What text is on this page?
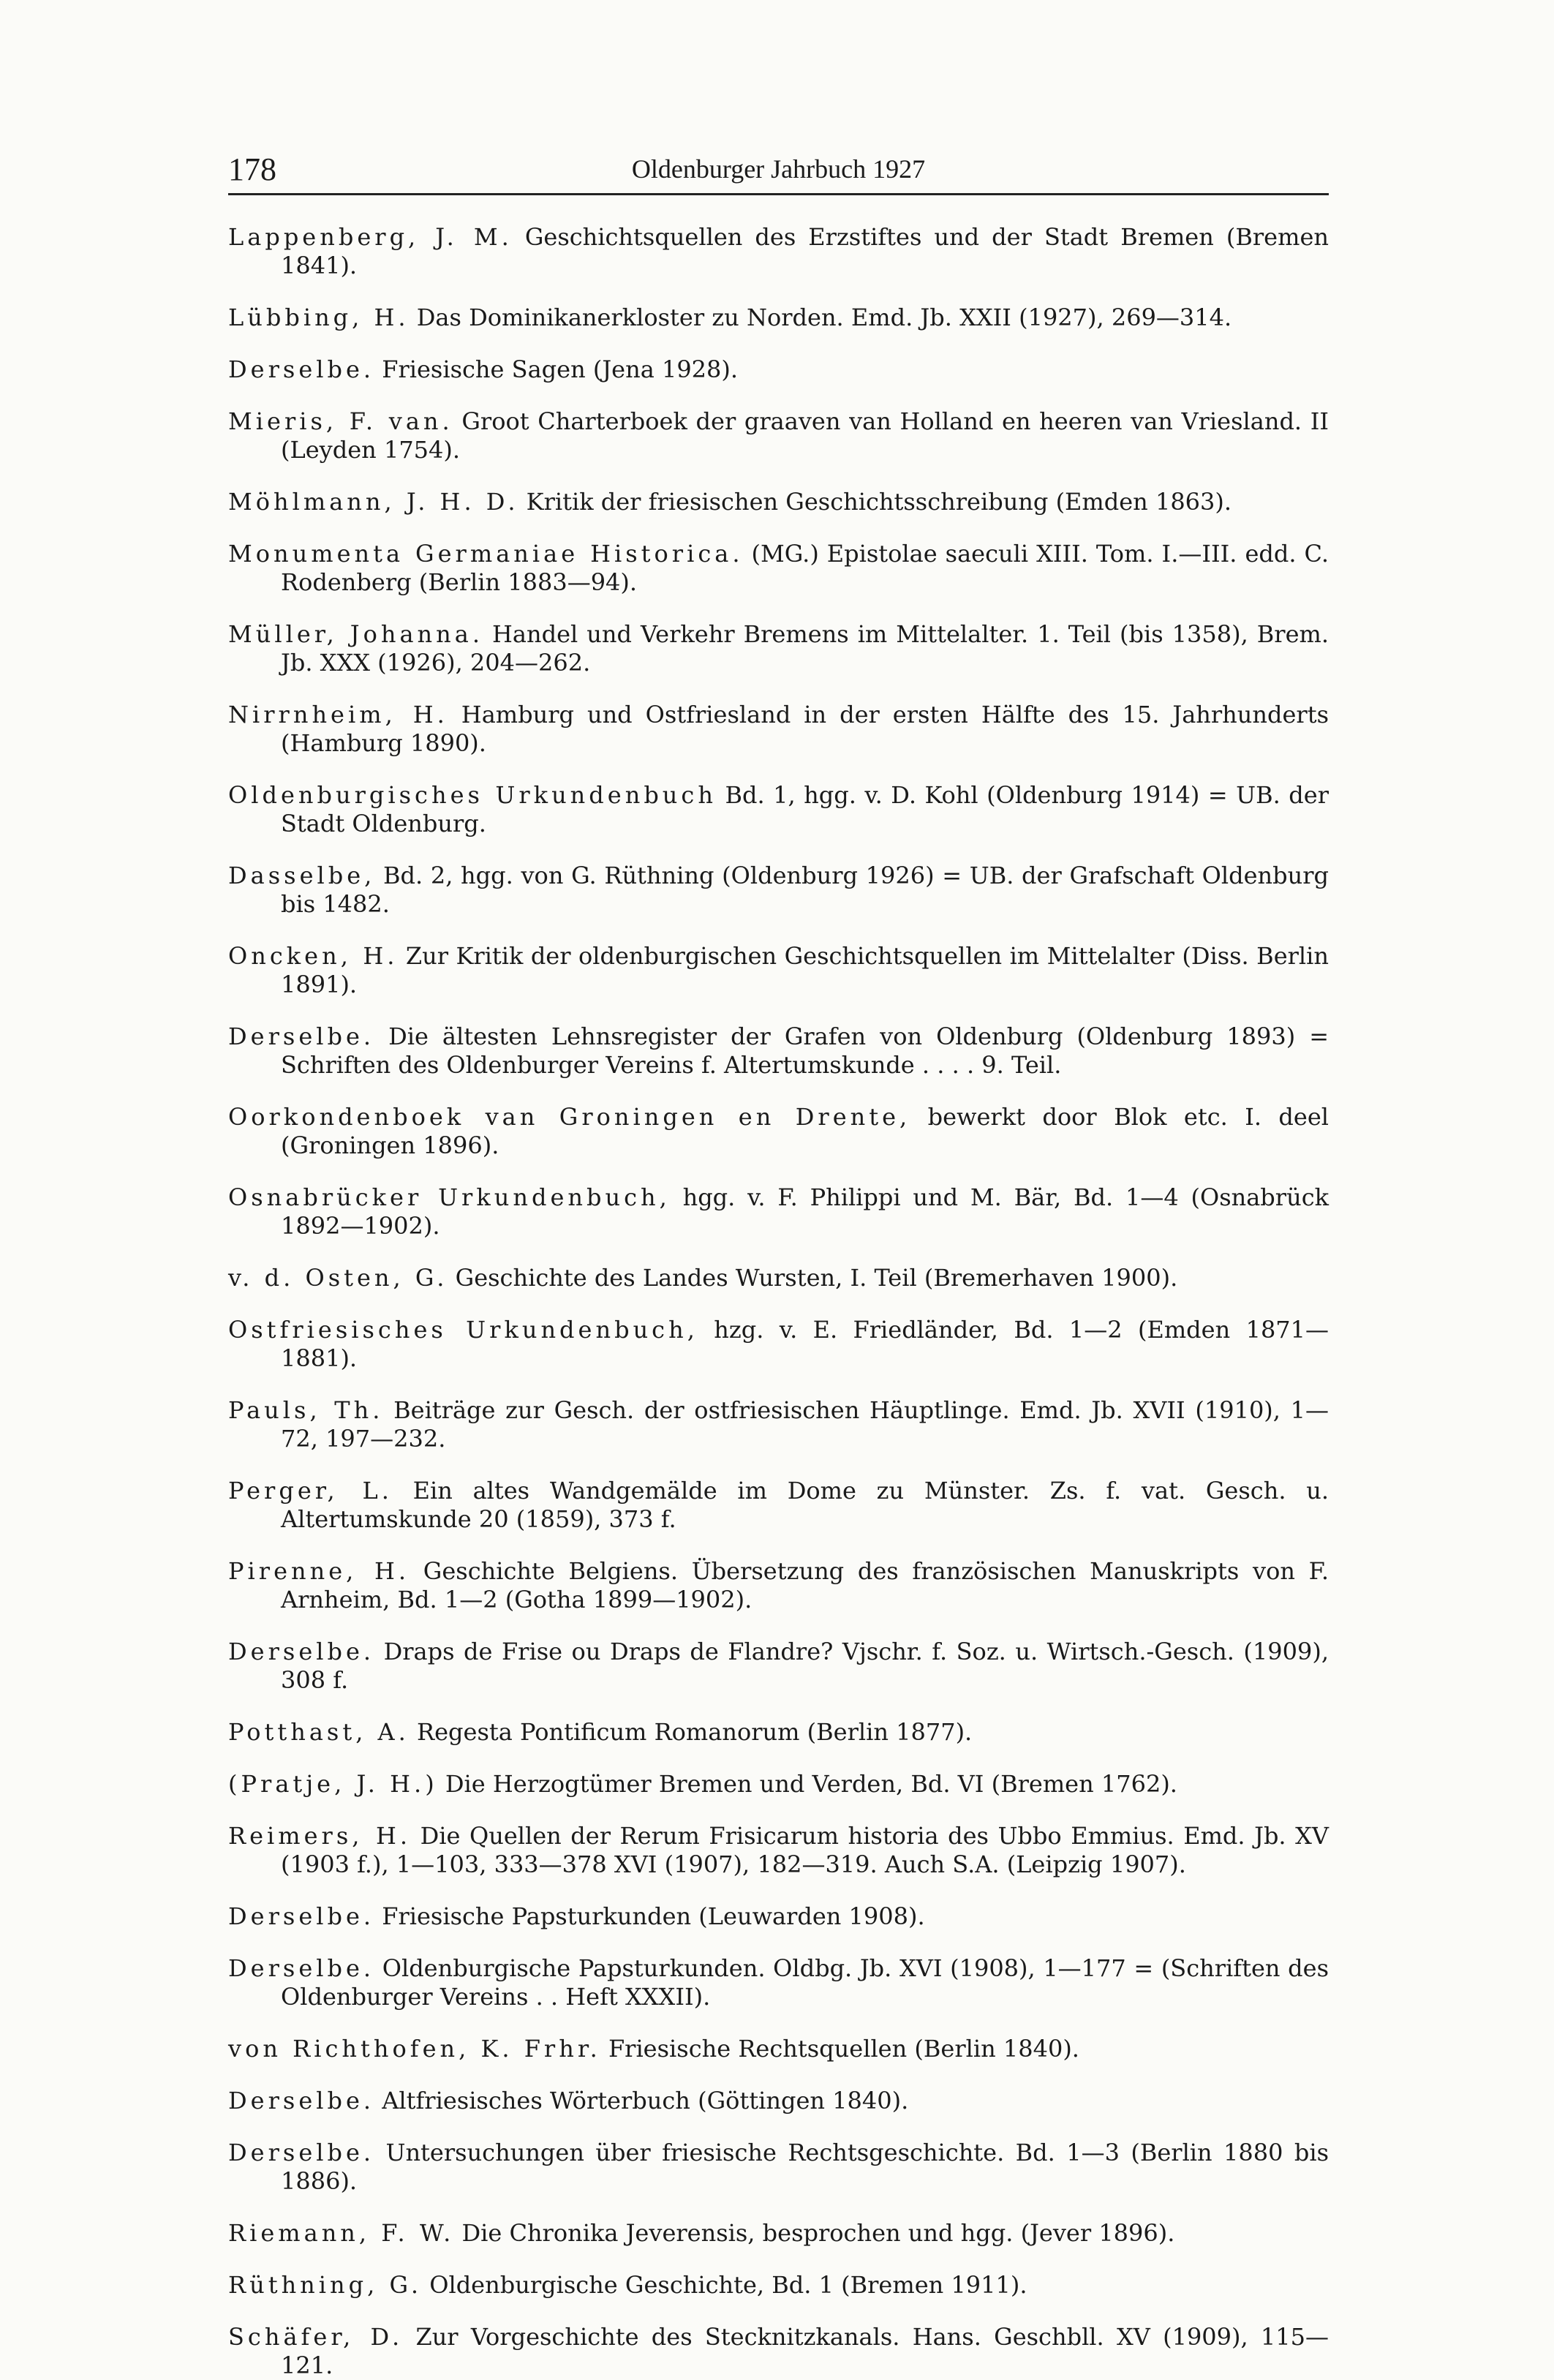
178	Oldenburger Jahrbuch 1927

Lappenberg, J. M. Geschichtsquellen des Erzstiftes und der Stadt Bremen (Bremen 1841).

Lübbing, H. Das Dominikanerkloster zu Norden. Emd. Jb. XXII (1927), 269—314.

Derselbe. Friesische Sagen (Jena 1928).

Mieris, F. van. Groot Charterboek der graaven van Holland en heeren van Vriesland. II (Leyden 1754).

Möhlmann, J. H. D. Kritik der friesischen Geschichtsschreibung (Emden 1863).

Monumenta Germaniae Historica. (MG.) Epistolae saeculi XIII. Tom. I.—III. edd. C. Rodenberg (Berlin 1883—94).

Müller, Johanna. Handel und Verkehr Bremens im Mittelalter. 1. Teil (bis 1358), Brem. Jb. XXX (1926), 204—262.

Nirrnheim, H. Hamburg und Ostfriesland in der ersten Hälfte des 15. Jahrhunderts (Hamburg 1890).

Oldenburgisches Urkundenbuch Bd. 1, hgg. v. D. Kohl (Oldenburg 1914) = UB. der Stadt Oldenburg.

Dasselbe, Bd. 2, hgg. von G. Rüthning (Oldenburg 1926) = UB. der Grafschaft Oldenburg bis 1482.

Oncken, H. Zur Kritik der oldenburgischen Geschichtsquellen im Mittelalter (Diss. Berlin 1891).

Derselbe. Die ältesten Lehnsregister der Grafen von Oldenburg (Oldenburg 1893) = Schriften des Oldenburger Vereins f. Altertumskunde . . . . 9. Teil.

Oorkondenboek van Groningen en Drente, bewerkt door Blok etc. I. deel (Groningen 1896).

Osnabrücker Urkundenbuch, hgg. v. F. Philippi und M. Bär, Bd. 1—4 (Osnabrück 1892—1902).

v. d. Osten, G. Geschichte des Landes Wursten, I. Teil (Bremerhaven 1900).

Ostfriesisches Urkundenbuch, hzg. v. E. Friedländer, Bd. 1—2 (Emden 1871—1881).

Pauls, Th. Beiträge zur Gesch. der ostfriesischen Häuptlinge. Emd. Jb. XVII (1910), 1—72, 197—232.

Perger, L. Ein altes Wandgemälde im Dome zu Münster. Zs. f. vat. Gesch. u. Altertumskunde 20 (1859), 373 f.

Pirenne, H. Geschichte Belgiens. Übersetzung des französischen Manuskripts von F. Arnheim, Bd. 1—2 (Gotha 1899—1902).

Derselbe. Draps de Frise ou Draps de Flandre? Vjschr. f. Soz. u. Wirtsch.-Gesch. (1909), 308 f.

Potthast, A. Regesta Pontificum Romanorum (Berlin 1877).

(Pratje, J. H.) Die Herzogtümer Bremen und Verden, Bd. VI (Bremen 1762).

Reimers, H. Die Quellen der Rerum Frisicarum historia des Ubbo Emmius. Emd. Jb. XV (1903 f.), 1—103, 333—378 XVI (1907), 182—319. Auch S.A. (Leipzig 1907).

Derselbe. Friesische Papsturkunden (Leuwarden 1908).

Derselbe. Oldenburgische Papsturkunden. Oldbg. Jb. XVI (1908), 1—177 = (Schriften des Oldenburger Vereins . . Heft XXXII).

von Richthofen, K. Frhr. Friesische Rechtsquellen (Berlin 1840).

Derselbe. Altfriesisches Wörterbuch (Göttingen 1840).

Derselbe. Untersuchungen über friesische Rechtsgeschichte. Bd. 1—3 (Berlin 1880 bis 1886).

Riemann, F. W. Die Chronika Jeverensis, besprochen und hgg. (Jever 1896).

Rüthning, G. Oldenburgische Geschichte, Bd. 1 (Bremen 1911).

Schäfer, D. Zur Vorgeschichte des Stecknitzkanals. Hans. Geschbll. XV (1909), 115—121.
